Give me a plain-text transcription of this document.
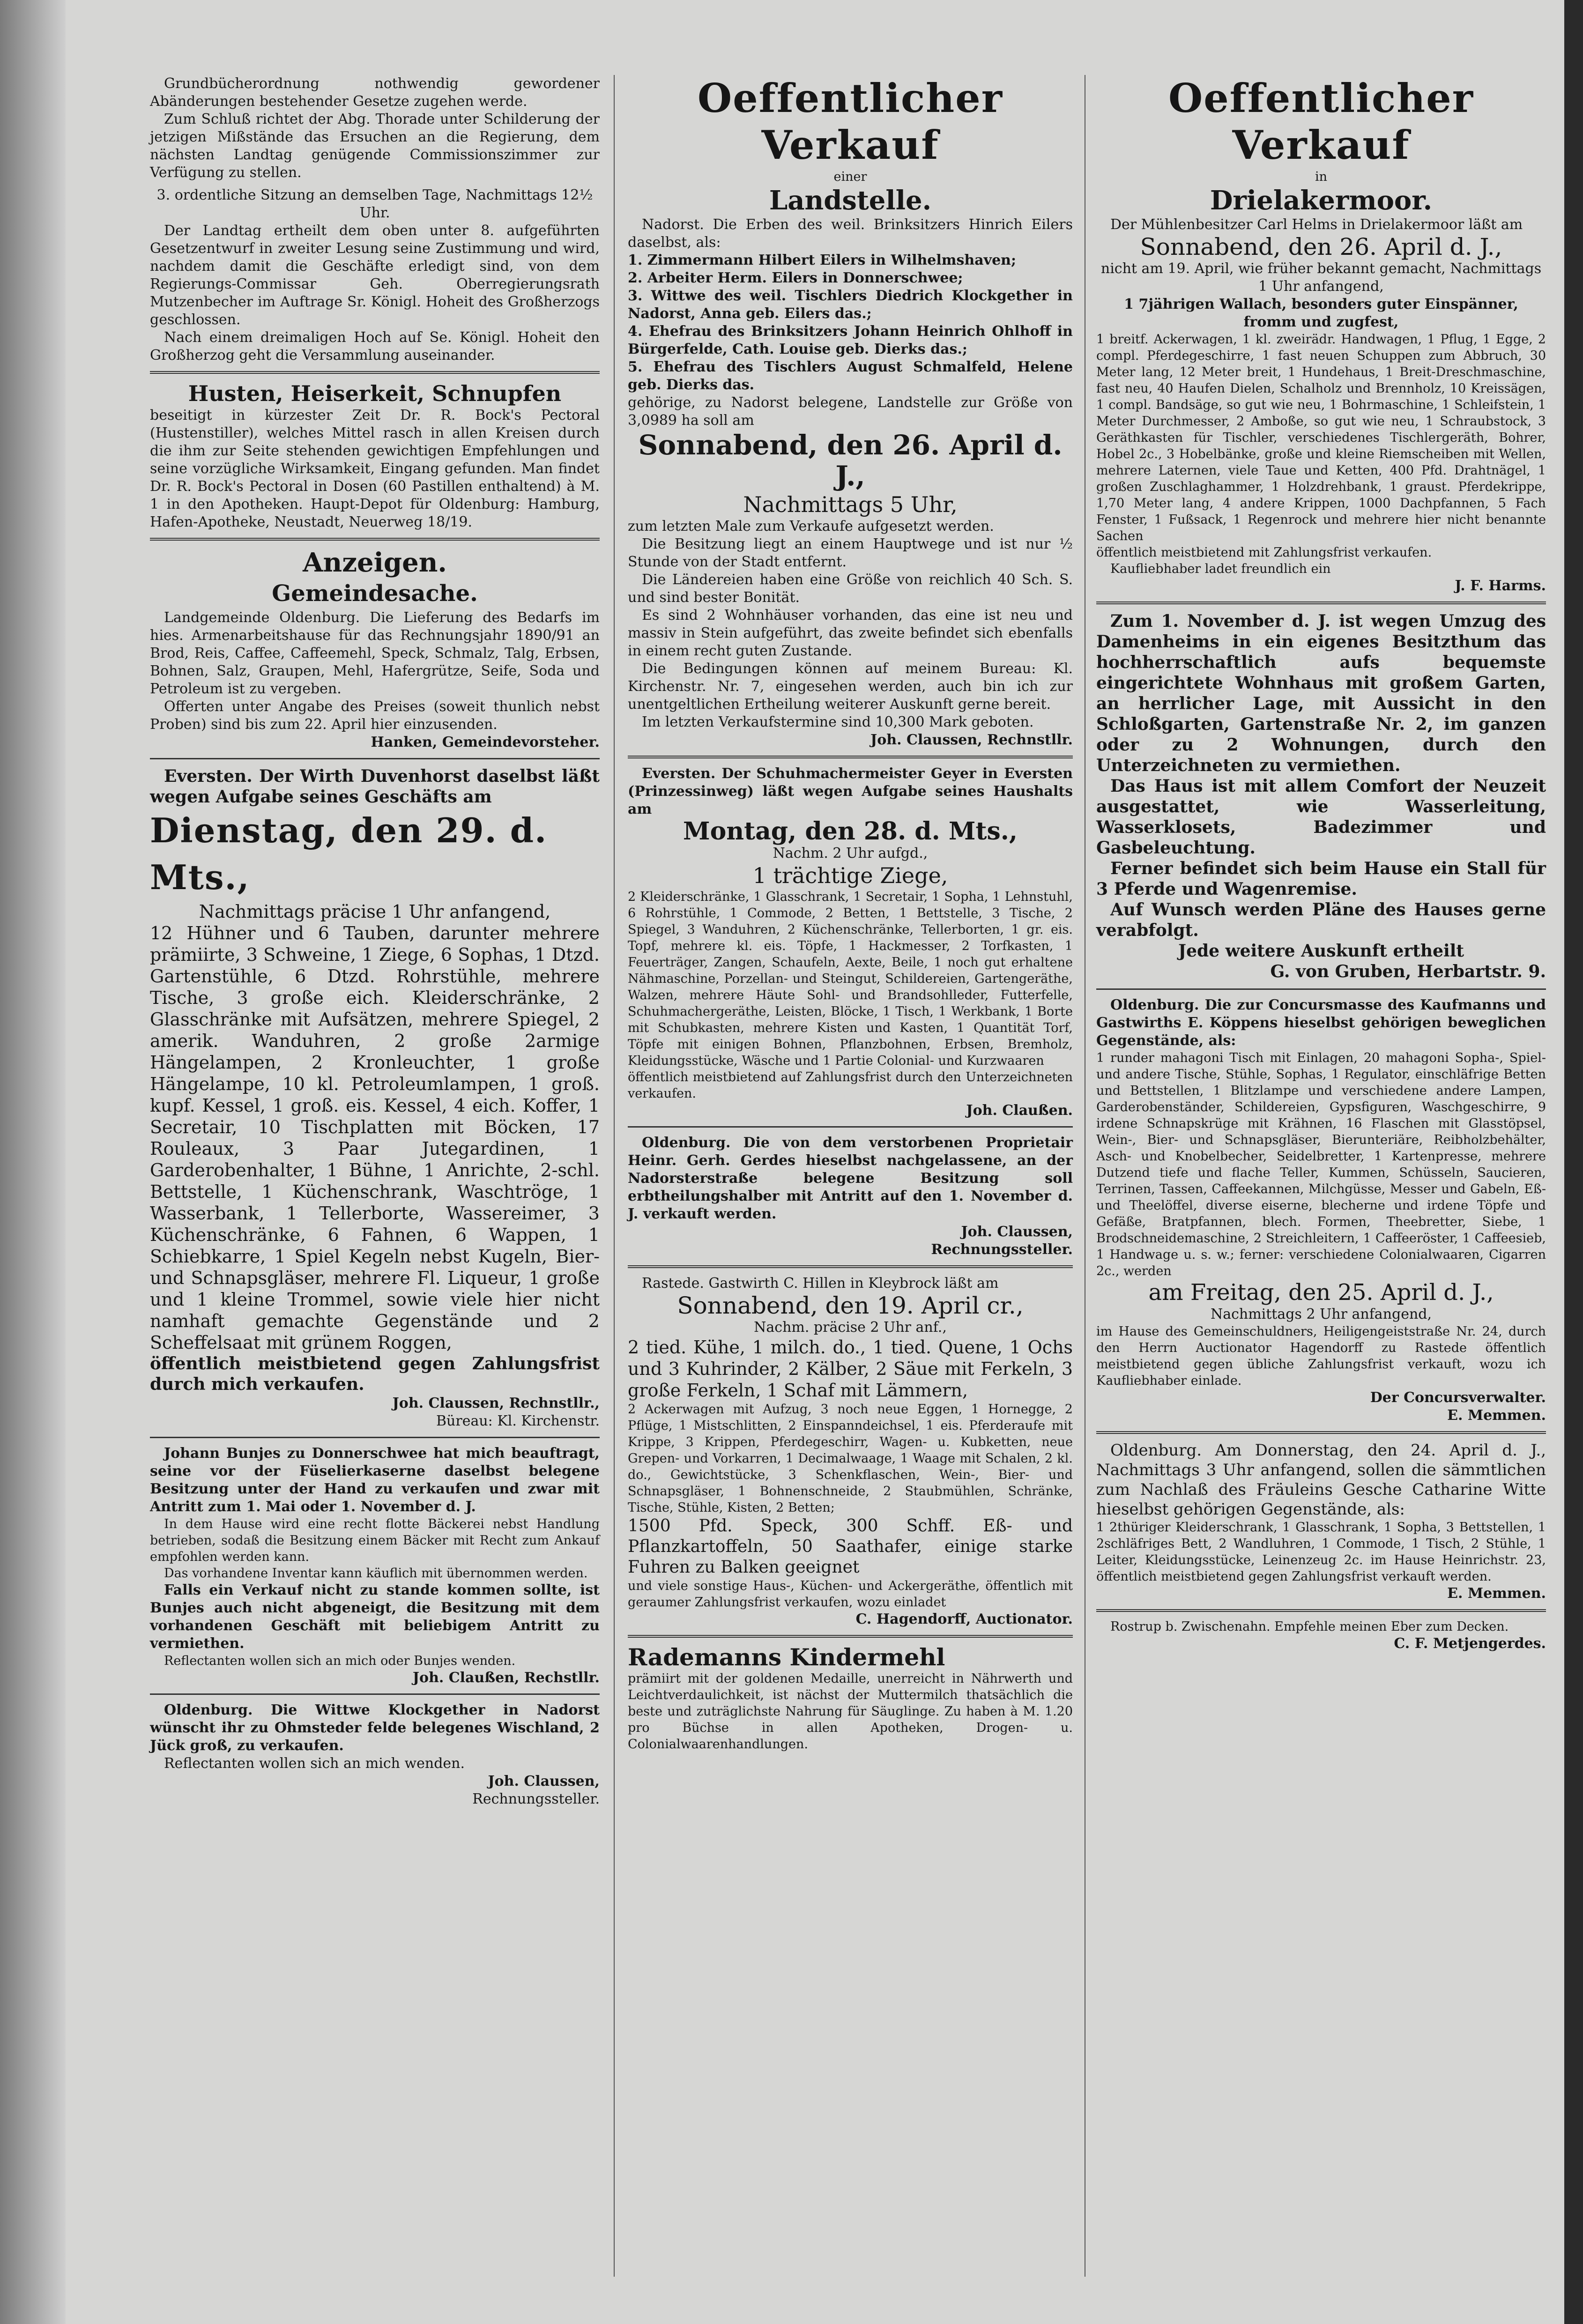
Grundbücherordnung nothwendig gewordener Abänderungen bestehender Gesetze zugehen werde.

Zum Schluß richtet der Abg. Thorade unter Schilderung der jetzigen Mißstände das Ersuchen an die Regierung, dem nächsten Landtag genügende Commissionszimmer zur Verfügung zu stellen.

3. ordentliche Sitzung an demselben Tage, Nachmittags 12½ Uhr.

Der Landtag ertheilt dem oben unter 8. aufgeführten Gesetzentwurf in zweiter Lesung seine Zustimmung und wird, nachdem damit die Geschäfte erledigt sind, von dem Regierungs-Commissar Geh. Oberregierungsrath Mutzenbecher im Auftrage Sr. Königl. Hoheit des Großherzogs geschlossen.

Nach einem dreimaligen Hoch auf Se. Königl. Hoheit den Großherzog geht die Versammlung auseinander.

Husten, Heiserkeit, Schnupfen

beseitigt in kürzester Zeit Dr. R. Bock's Pectoral (Hustenstiller), welches Mittel rasch in allen Kreisen durch die ihm zur Seite stehenden gewichtigen Empfehlungen und seine vorzügliche Wirksamkeit, Eingang gefunden. Man findet Dr. R. Bock's Pectoral in Dosen (60 Pastillen enthaltend) à M. 1 in den Apotheken. Haupt-Depot für Oldenburg: Hamburg, Hafen-Apotheke, Neustadt, Neuerweg 18/19.

Anzeigen.
Gemeindesache.

Landgemeinde Oldenburg. Die Lieferung des Bedarfs im hies. Armenarbeitshause für das Rechnungsjahr 1890/91 an Brod, Reis, Caffee, Caffeemehl, Speck, Schmalz, Talg, Erbsen, Bohnen, Salz, Graupen, Mehl, Hafergrütze, Seife, Soda und Petroleum ist zu vergeben.

Offerten unter Angabe des Preises (soweit thunlich nebst Proben) sind bis zum 22. April hier einzusenden.

Hanken, Gemeindevorsteher.

Eversten. Der Wirth Duvenhorst daselbst läßt wegen Aufgabe seines Geschäfts am

Dienstag, den 29. d. Mts.,

Nachmittags präcise 1 Uhr anfangend,

12 Hühner und 6 Tauben, darunter mehrere prämiirte, 3 Schweine, 1 Ziege, 6 Sophas, 1 Dtzd. Gartenstühle, 6 Dtzd. Rohrstühle, mehrere Tische, 3 große eich. Kleiderschränke, 2 Glasschränke mit Aufsätzen, mehrere Spiegel, 2 amerik. Wanduhren, 2 große 2armige Hängelampen, 2 Kronleuchter, 1 große Hängelampe, 10 kl. Petroleumlampen, 1 groß. kupf. Kessel, 1 groß. eis. Kessel, 4 eich. Koffer, 1 Secretair, 10 Tischplatten mit Böcken, 17 Rouleaux, 3 Paar Jutegardinen, 1 Garderobenhalter, 1 Bühne, 1 Anrichte, 2-schl. Bettstelle, 1 Küchenschrank, Waschtröge, 1 Wasserbank, 1 Tellerborte, Wassereimer, 3 Küchenschränke, 6 Fahnen, 6 Wappen, 1 Schiebkarre, 1 Spiel Kegeln nebst Kugeln, Bier- und Schnapsgläser, mehrere Fl. Liqueur, 1 große und 1 kleine Trommel, sowie viele hier nicht namhaft gemachte Gegenstände und 2 Scheffelsaat mit grünem Roggen,

öffentlich meistbietend gegen Zahlungsfrist durch mich verkaufen.

Joh. Claussen, Rechnstllr.,

Büreau: Kl. Kirchenstr.

Johann Bunjes zu Donnerschwee hat mich beauftragt, seine vor der Füselierkaserne daselbst belegene Besitzung unter der Hand zu verkaufen und zwar mit Antritt zum 1. Mai oder 1. November d. J.

In dem Hause wird eine recht flotte Bäckerei nebst Handlung betrieben, sodaß die Besitzung einem Bäcker mit Recht zum Ankauf empfohlen werden kann.

Das vorhandene Inventar kann käuflich mit übernommen werden.

Falls ein Verkauf nicht zu stande kommen sollte, ist Bunjes auch nicht abgeneigt, die Besitzung mit dem vorhandenen Geschäft mit beliebigem Antritt zu vermiethen.

Reflectanten wollen sich an mich oder Bunjes wenden.

Joh. Claußen, Rechstllr.

Oldenburg. Die Wittwe Klockgether in Nadorst wünscht ihr zu Ohmsteder felde belegenes Wischland, 2 Jück groß, zu verkaufen.

Reflectanten wollen sich an mich wenden.

Joh. Claussen,

Rechnungssteller.

Oeffentlicher Verkauf

einer

Landstelle.

Nadorst. Die Erben des weil. Brinksitzers Hinrich Eilers daselbst, als:

1. Zimmermann Hilbert Eilers in Wilhelmshaven;

2. Arbeiter Herm. Eilers in Donnerschwee;

3. Wittwe des weil. Tischlers Diedrich Klockgether in Nadorst, Anna geb. Eilers das.;

4. Ehefrau des Brinksitzers Johann Heinrich Ohlhoff in Bürgerfelde, Cath. Louise geb. Dierks das.;

5. Ehefrau des Tischlers August Schmalfeld, Helene geb. Dierks das.

gehörige, zu Nadorst belegene, Landstelle zur Größe von 3,0989 ha soll am

Sonnabend, den 26. April d. J.,
Nachmittags 5 Uhr,

zum letzten Male zum Verkaufe aufgesetzt werden.

Die Besitzung liegt an einem Hauptwege und ist nur ½ Stunde von der Stadt entfernt.

Die Ländereien haben eine Größe von reichlich 40 Sch. S. und sind bester Bonität.

Es sind 2 Wohnhäuser vorhanden, das eine ist neu und massiv in Stein aufgeführt, das zweite befindet sich ebenfalls in einem recht guten Zustande.

Die Bedingungen können auf meinem Bureau: Kl. Kirchenstr. Nr. 7, eingesehen werden, auch bin ich zur unentgeltlichen Ertheilung weiterer Auskunft gerne bereit.

Im letzten Verkaufstermine sind 10,300 Mark geboten.

Joh. Claussen, Rechnstllr.

Eversten. Der Schuhmachermeister Geyer in Eversten (Prinzessinweg) läßt wegen Aufgabe seines Haushalts am

Montag, den 28. d. Mts.,

Nachm. 2 Uhr aufgd.,

1 trächtige Ziege,

2 Kleiderschränke, 1 Glasschrank, 1 Secretair, 1 Sopha, 1 Lehnstuhl, 6 Rohrstühle, 1 Commode, 2 Betten, 1 Bettstelle, 3 Tische, 2 Spiegel, 3 Wanduhren, 2 Küchenschränke, Tellerborten, 1 gr. eis. Topf, mehrere kl. eis. Töpfe, 1 Hackmesser, 2 Torfkasten, 1 Feuerträger, Zangen, Schaufeln, Aexte, Beile, 1 noch gut erhaltene Nähmaschine, Porzellan- und Steingut, Schildereien, Gartengeräthe, Walzen, mehrere Häute Sohl- und Brandsohlleder, Futterfelle, Schuhmachergeräthe, Leisten, Blöcke, 1 Tisch, 1 Werkbank, 1 Borte mit Schubkasten, mehrere Kisten und Kasten, 1 Quantität Torf, Töpfe mit einigen Bohnen, Pflanzbohnen, Erbsen, Bremholz, Kleidungsstücke, Wäsche und 1 Partie Colonial- und Kurzwaaren

öffentlich meistbietend auf Zahlungsfrist durch den Unterzeichneten verkaufen.

Joh. Claußen.

Oldenburg. Die von dem verstorbenen Proprietair Heinr. Gerh. Gerdes hieselbst nachgelassene, an der Nadorsterstraße belegene Besitzung soll erbtheilungshalber mit Antritt auf den 1. November d. J. verkauft werden.

Joh. Claussen,

Rechnungssteller.

Rastede. Gastwirth C. Hillen in Kleybrock läßt am

Sonnabend, den 19. April cr.,

Nachm. präcise 2 Uhr anf.,

2 tied. Kühe, 1 milch. do., 1 tied. Quene, 1 Ochs und 3 Kuhrinder, 2 Kälber, 2 Säue mit Ferkeln, 3 große Ferkeln, 1 Schaf mit Lämmern,

2 Ackerwagen mit Aufzug, 3 noch neue Eggen, 1 Hornegge, 2 Pflüge, 1 Mistschlitten, 2 Einspanndeichsel, 1 eis. Pferderaufe mit Krippe, 3 Krippen, Pferdegeschirr, Wagen- u. Kubketten, neue Grepen- und Vorkarren, 1 Decimalwaage, 1 Waage mit Schalen, 2 kl. do., Gewichtstücke, 3 Schenkflaschen, Wein-, Bier- und Schnapsgläser, 1 Bohnenschneide, 2 Staubmühlen, Schränke, Tische, Stühle, Kisten, 2 Betten;

1500 Pfd. Speck, 300 Schff. Eß- und Pflanzkartoffeln, 50 Saathafer, einige starke Fuhren zu Balken geeignet

und viele sonstige Haus-, Küchen- und Ackergeräthe, öffentlich mit geraumer Zahlungsfrist verkaufen, wozu einladet

C. Hagendorff, Auctionator.

Rademanns Kindermehl

prämiirt mit der goldenen Medaille, unerreicht in Nährwerth und Leichtverdaulichkeit, ist nächst der Muttermilch thatsächlich die beste und zuträglichste Nahrung für Säuglinge. Zu haben à M. 1.20 pro Büchse in allen Apotheken, Drogen- u. Colonialwaarenhandlungen.

Oeffentlicher Verkauf

in

Drielakermoor.

Der Mühlenbesitzer Carl Helms in Drielakermoor läßt am

Sonnabend, den 26. April d. J.,

nicht am 19. April, wie früher bekannt gemacht, Nachmittags 1 Uhr anfangend,

1 7jährigen Wallach, besonders guter Einspänner, fromm und zugfest,

1 breitf. Ackerwagen, 1 kl. zweirädr. Handwagen, 1 Pflug, 1 Egge, 2 compl. Pferdegeschirre, 1 fast neuen Schuppen zum Abbruch, 30 Meter lang, 12 Meter breit, 1 Hundehaus, 1 Breit-Dreschmaschine, fast neu, 40 Haufen Dielen, Schalholz und Brennholz, 10 Kreissägen, 1 compl. Bandsäge, so gut wie neu, 1 Bohrmaschine, 1 Schleifstein, 1 Meter Durchmesser, 2 Amboße, so gut wie neu, 1 Schraubstock, 3 Geräthkasten für Tischler, verschiedenes Tischlergeräth, Bohrer, Hobel 2c., 3 Hobelbänke, große und kleine Riemscheiben mit Wellen, mehrere Laternen, viele Taue und Ketten, 400 Pfd. Drahtnägel, 1 großen Zuschlaghammer, 1 Holzdrehbank, 1 graust. Pferdekrippe, 1,70 Meter lang, 4 andere Krippen, 1000 Dachpfannen, 5 Fach Fenster, 1 Fußsack, 1 Regenrock und mehrere hier nicht benannte Sachen

öffentlich meistbietend mit Zahlungsfrist verkaufen.

Kaufliebhaber ladet freundlich ein

J. F. Harms.

Zum 1. November d. J. ist wegen Umzug des Damenheims in ein eigenes Besitzthum das hochherrschaftlich aufs bequemste eingerichtete Wohnhaus mit großem Garten, an herrlicher Lage, mit Aussicht in den Schloßgarten, Gartenstraße Nr. 2, im ganzen oder zu 2 Wohnungen, durch den Unterzeichneten zu vermiethen.

Das Haus ist mit allem Comfort der Neuzeit ausgestattet, wie Wasserleitung, Wasserklosets, Badezimmer und Gasbeleuchtung.

Ferner befindet sich beim Hause ein Stall für 3 Pferde und Wagenremise.

Auf Wunsch werden Pläne des Hauses gerne verabfolgt.

Jede weitere Auskunft ertheilt

G. von Gruben, Herbartstr. 9.

Oldenburg. Die zur Concursmasse des Kaufmanns und Gastwirths E. Köppens hieselbst gehörigen beweglichen Gegenstände, als:

1 runder mahagoni Tisch mit Einlagen, 20 mahagoni Sopha-, Spiel- und andere Tische, Stühle, Sophas, 1 Regulator, einschläfrige Betten und Bettstellen, 1 Blitzlampe und verschiedene andere Lampen, Garderobenständer, Schildereien, Gypsfiguren, Waschgeschirre, 9 irdene Schnapskrüge mit Krähnen, 16 Flaschen mit Glasstöpsel, Wein-, Bier- und Schnapsgläser, Bierunteriäre, Reibholzbehälter, Asch- und Knobelbecher, Seidelbretter, 1 Kartenpresse, mehrere Dutzend tiefe und flache Teller, Kummen, Schüsseln, Saucieren, Terrinen, Tassen, Caffeekannen, Milchgüsse, Messer und Gabeln, Eß- und Theelöffel, diverse eiserne, blecherne und irdene Töpfe und Gefäße, Bratpfannen, blech. Formen, Theebretter, Siebe, 1 Brodschneidemaschine, 2 Streichleitern, 1 Caffeeröster, 1 Caffeesieb, 1 Handwage u. s. w.; ferner: verschiedene Colonialwaaren, Cigarren 2c., werden

am Freitag, den 25. April d. J.,

Nachmittags 2 Uhr anfangend,

im Hause des Gemeinschuldners, Heiligengeiststraße Nr. 24, durch den Herrn Auctionator Hagendorff zu Rastede öffentlich meistbietend gegen übliche Zahlungsfrist verkauft, wozu ich Kaufliebhaber einlade.

Der Concursverwalter.

E. Memmen.

Oldenburg. Am Donnerstag, den 24. April d. J., Nachmittags 3 Uhr anfangend, sollen die sämmtlichen zum Nachlaß des Fräuleins Gesche Catharine Witte hieselbst gehörigen Gegenstände, als:

1 2thüriger Kleiderschrank, 1 Glasschrank, 1 Sopha, 3 Bettstellen, 1 2schläfriges Bett, 2 Wandluhren, 1 Commode, 1 Tisch, 2 Stühle, 1 Leiter, Kleidungsstücke, Leinenzeug 2c. im Hause Heinrichstr. 23, öffentlich meistbietend gegen Zahlungsfrist verkauft werden.

E. Memmen.

Rostrup b. Zwischenahn. Empfehle meinen Eber zum Decken.

C. F. Metjengerdes.
